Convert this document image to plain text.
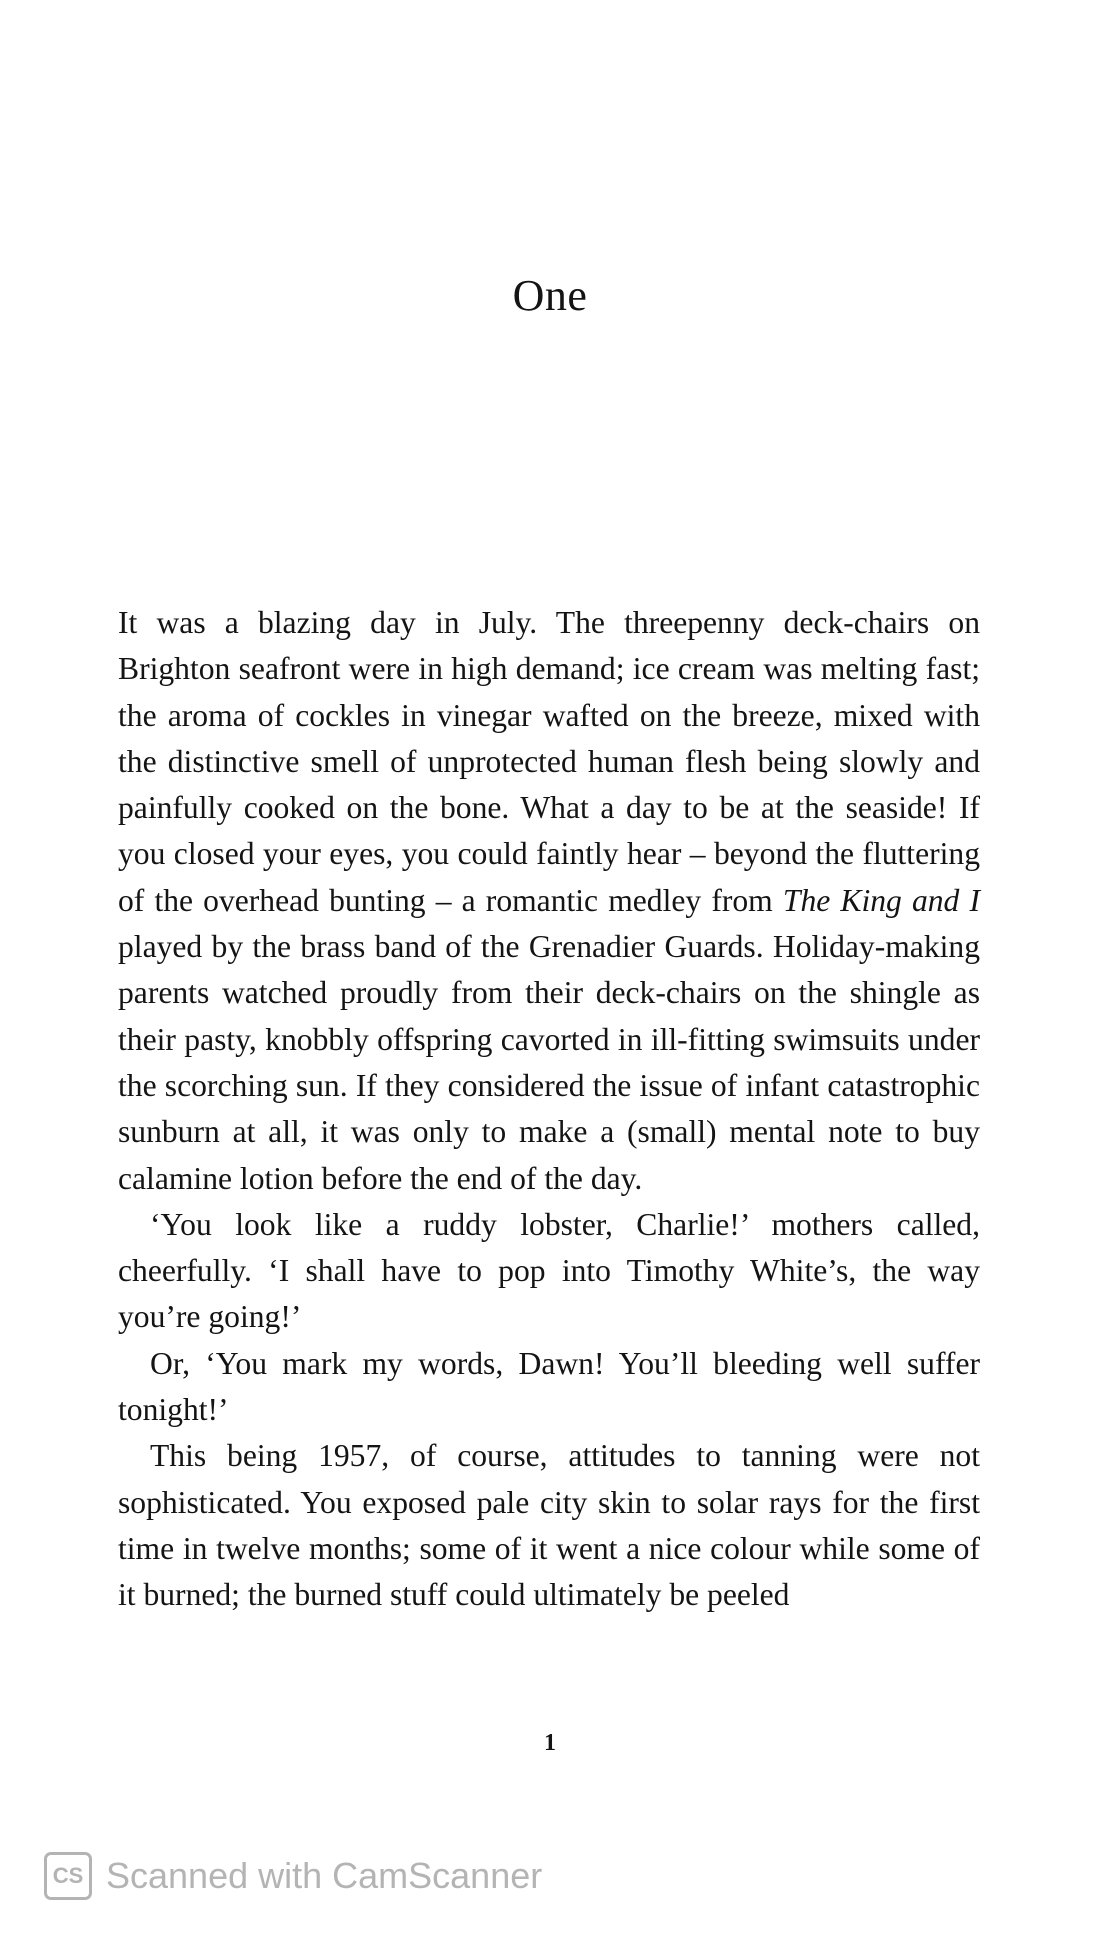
One

It was a blazing day in July. The threepenny deck-chairs on Brighton seafront were in high demand; ice cream was melting fast; the aroma of cockles in vinegar wafted on the breeze, mixed with the distinctive smell of unprotected human flesh being slowly and painfully cooked on the bone. What a day to be at the seaside! If you closed your eyes, you could faintly hear – beyond the fluttering of the overhead bunting – a romantic medley from The King and I played by the brass band of the Grenadier Guards. Holiday-making parents watched proudly from their deck-chairs on the shingle as their pasty, knobbly offspring cavorted in ill-fitting swimsuits under the scorching sun. If they considered the issue of infant catastrophic sunburn at all, it was only to make a (small) mental note to buy calamine lotion before the end of the day.

‘You look like a ruddy lobster, Charlie!’ mothers called, cheerfully. ‘I shall have to pop into Timothy White’s, the way you’re going!’

Or, ‘You mark my words, Dawn! You’ll bleeding well suffer tonight!’

This being 1957, of course, attitudes to tanning were not sophisticated. You exposed pale city skin to solar rays for the first time in twelve months; some of it went a nice colour while some of it burned; the burned stuff could ultimately be peeled

1
CS Scanned with CamScanner
